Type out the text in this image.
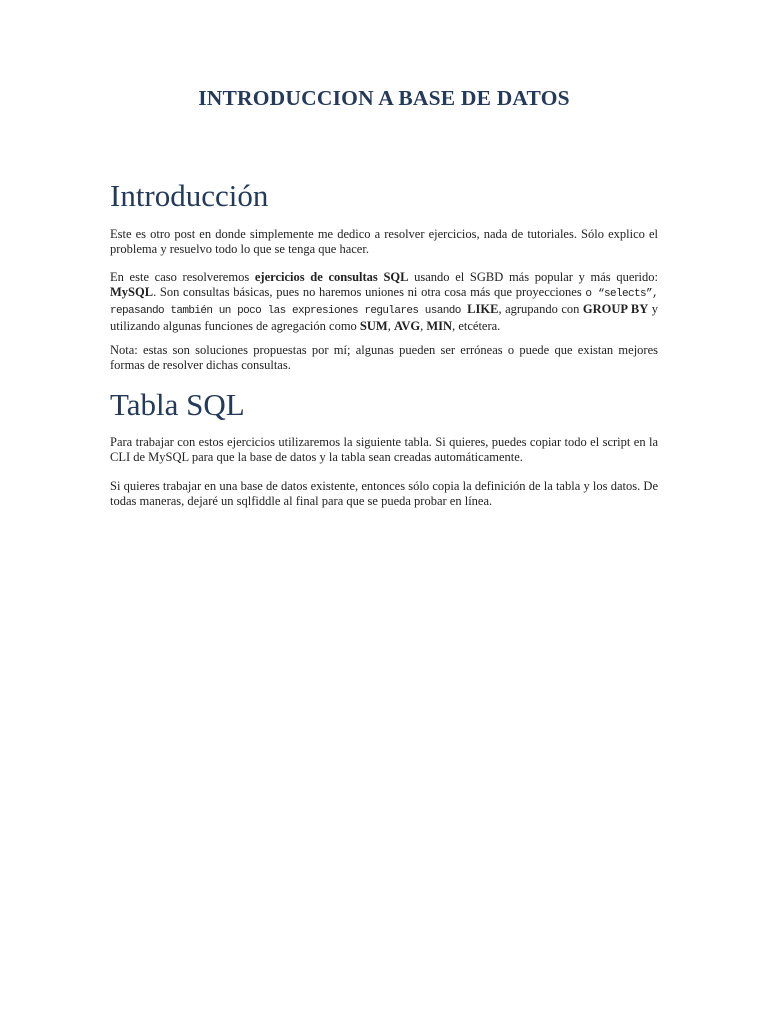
INTRODUCCION A BASE DE DATOS
Introducción

Este es otro post en donde simplemente me dedico a resolver ejercicios, nada de tutoriales. Sólo explico el problema y resuelvo todo lo que se tenga que hacer.

En este caso resolveremos ejercicios de consultas SQL usando el SGBD más popular y más querido: MySQL. Son consultas básicas, pues no haremos uniones ni otra cosa más que proyecciones o “selects”, repasando también un poco las expresiones regulares usando LIKE, agrupando con GROUP BY y utilizando algunas funciones de agregación como SUM, AVG, MIN, etcétera.

Nota: estas son soluciones propuestas por mí; algunas pueden ser erróneas o puede que existan mejores formas de resolver dichas consultas.

Tabla SQL

Para trabajar con estos ejercicios utilizaremos la siguiente tabla. Si quieres, puedes copiar todo el script en la CLI de MySQL para que la base de datos y la tabla sean creadas automáticamente.

Si quieres trabajar en una base de datos existente, entonces sólo copia la definición de la tabla y los datos. De todas maneras, dejaré un sqlfiddle al final para que se pueda probar en línea.
